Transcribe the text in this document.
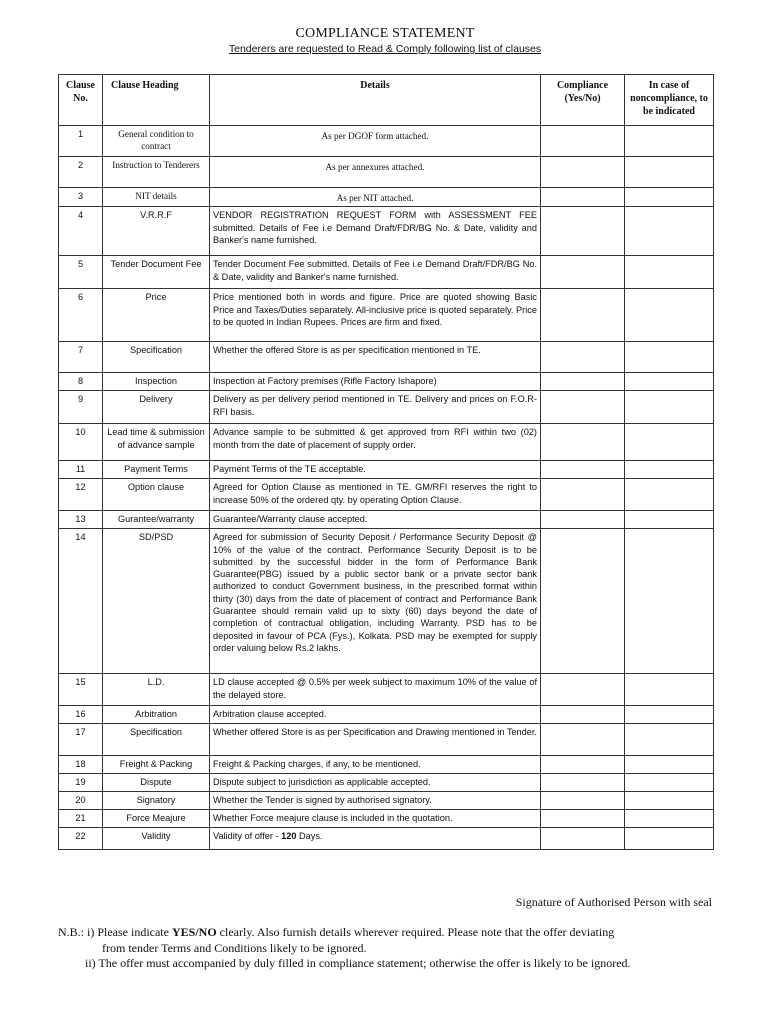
COMPLIANCE STATEMENT
Tenderers are requested to Read & Comply following list of clauses
Clause No.	Clause Heading	Details	Compliance (Yes/No)	In case of noncompliance, to be indicated
1	General condition to contract	As per DGOF form attached.		
2	Instruction to Tenderers	As per annexures attached.		
3	NIT details	As per NIT attached.		
4	V.R.R.F	VENDOR REGISTRATION REQUEST FORM with ASSESSMENT FEE submitted. Details of Fee i.e Demand Draft/FDR/BG No. & Date, validity and Banker's name furnished.		
5	Tender Document Fee	Tender Document Fee submitted. Details of Fee i.e Demand Draft/FDR/BG No. & Date, validity and Banker's name furnished.		
6	Price	Price mentioned both in words and figure. Price are quoted showing Basic Price and Taxes/Duties separately. All-inclusive price is quoted separately. Price to be quoted in Indian Rupees. Prices are firm and fixed.		
7	Specification	Whether the offered Store is as per specification mentioned in TE.		
8	Inspection	Inspection at Factory premises (Rifle Factory Ishapore)		
9	Delivery	Delivery as per delivery period mentioned in TE. Delivery and prices on F.O.R- RFI basis.		
10	Lead time & submission of advance sample	Advance sample to be submitted & get approved from RFI within two (02) month from the date of placement of supply order.		
11	Payment Terms	Payment Terms of the TE acceptable.		
12	Option clause	Agreed for Option Clause as mentioned in TE. GM/RFI reserves the right to increase 50% of the ordered qty. by operating Option Clause.		
13	Gurantee/warranty	Guarantee/Warranty clause accepted.		
14	SD/PSD	Agreed for submission of Security Deposit / Performance Security Deposit @ 10% of the value of the contract. Performance Security Deposit is to be submitted by the successful bidder in the form of Performance Bank Guarantee(PBG) issued by a public sector bank or a private sector bank authorized to conduct Government business, in the prescribed format within thirty (30) days from the date of placement of contract and Performance Bank Guarantee should remain valid up to sixty (60) days beyond the date of completion of contractual obligation, including Warranty. PSD has to be deposited in favour of PCA (Fys.), Kolkata. PSD may be exempted for supply order valuing below Rs.2 lakhs.		
15	L.D.	LD clause accepted @ 0.5% per week subject to maximum 10% of the value of the delayed store.		
16	Arbitration	Arbitration clause accepted.		
17	Specification	Whether offered Store is as per Specification and Drawing mentioned in Tender.		
18	Freight & Packing	Freight & Packing charges, if any, to be mentioned.		
19	Dispute	Dispute subject to jurisdiction as applicable accepted.		
20	Signatory	Whether the Tender is signed by authorised signatory.		
21	Force Meajure	Whether Force meajure clause is included in the quotation.		
22	Validity	Validity of offer - 120 Days.		
Signature of Authorised Person with seal
N.B.: i) Please indicate YES/NO clearly. Also furnish details wherever required. Please note that the offer deviating
from tender Terms and Conditions likely to be ignored.
ii) The offer must accompanied by duly filled in compliance statement; otherwise the offer is likely to be ignored.
